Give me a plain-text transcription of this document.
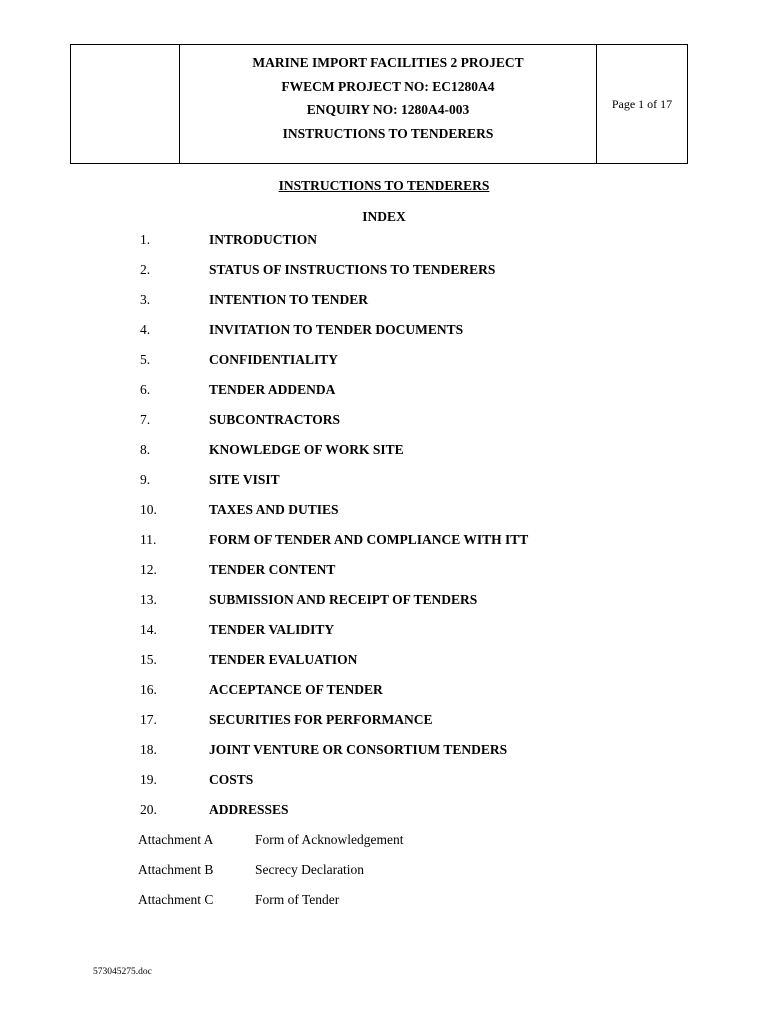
MARINE IMPORT FACILITIES 2 PROJECT
FWECM PROJECT NO: EC1280A4
ENQUIRY NO: 1280A4-003
INSTRUCTIONS TO TENDERERS
Page 1 of 17
INSTRUCTIONS TO TENDERERS
INDEX
1.	INTRODUCTION
2.	STATUS OF INSTRUCTIONS TO TENDERERS
3.	INTENTION TO TENDER
4.	INVITATION TO TENDER DOCUMENTS
5.	CONFIDENTIALITY
6.	TENDER ADDENDA
7.	SUBCONTRACTORS
8.	KNOWLEDGE OF WORK SITE
9.	SITE VISIT
10.	TAXES AND DUTIES
11.	FORM OF TENDER AND COMPLIANCE WITH ITT
12.	TENDER CONTENT
13.	SUBMISSION AND RECEIPT OF TENDERS
14.	TENDER VALIDITY
15.	TENDER EVALUATION
16.	ACCEPTANCE OF TENDER
17.	SECURITIES FOR PERFORMANCE
18.	JOINT VENTURE OR CONSORTIUM TENDERS
19.	COSTS
20.	ADDRESSES
Attachment A	Form of Acknowledgement
Attachment B	Secrecy Declaration
Attachment C	Form of Tender
573045275.doc
